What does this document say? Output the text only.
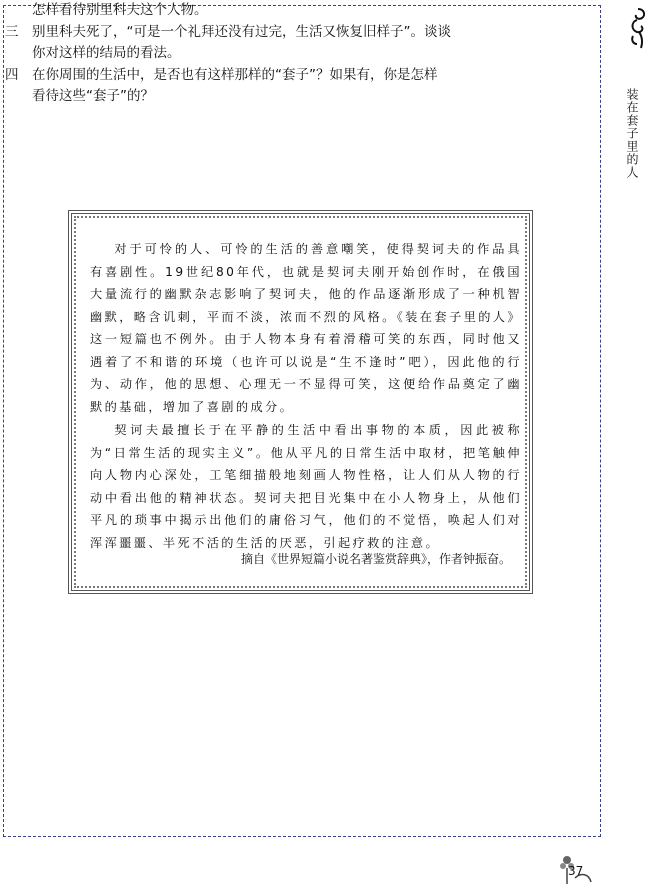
怎样看待别里科夫这个人物。
三 别里科夫死了，“可是一个礼拜还没有过完，生活又恢复旧样子”。谈谈
你对这样的结局的看法。
四 在你周围的生活中，是否也有这样那样的“套子”？如果有，你是怎样
看待这些“套子”的？	装在套子里的人

对于可怜的人、可怜的生活的善意嘲笑，使得契诃夫的作品具有喜剧性。19世纪80年代，也就是契诃夫刚开始创作时，在俄国大量流行的幽默杂志影响了契诃夫，他的作品逐渐形成了一种机智幽默，略含讥刺，平而不淡，浓而不烈的风格。《装在套子里的人》这一短篇也不例外。由于人物本身有着滑稽可笑的东西，同时他又遇着了不和谐的环境（也许可以说是“生不逢时”吧），因此他的行为、动作，他的思想、心理无一不显得可笑，这便给作品奠定了幽默的基础，增加了喜剧的成分。

契诃夫最擅长于在平静的生活中看出事物的本质，因此被称为“日常生活的现实主义”。他从平凡的日常生活中取材，把笔触伸向人物内心深处，工笔细描般地刻画人物性格，让人们从人物的行动中看出他的精神状态。契诃夫把目光集中在小人物身上，从他们平凡的琐事中揭示出他们的庸俗习气，他们的不觉悟，唤起人们对浑浑噩噩、半死不活的生活的厌恶，引起疗救的注意。

摘自《世界短篇小说名著鉴赏辞典》，作者钟振奋。
37
